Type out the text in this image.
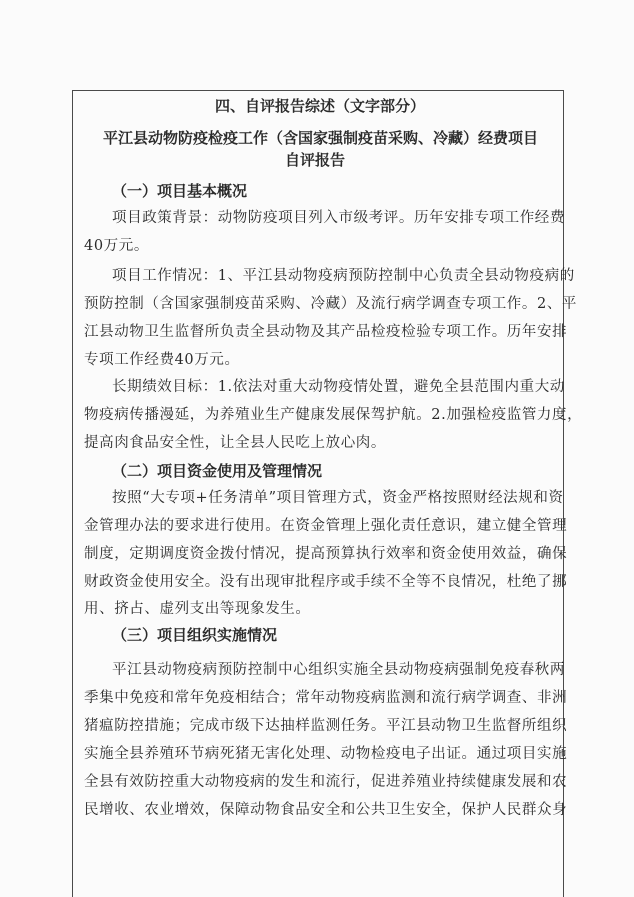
四、自评报告综述（文字部分）
平江县动物防疫检疫工作（含国家强制疫苗采购、冷藏）经费项目
自评报告
（一）项目基本概况
项目政策背景：动物防疫项目列入市级考评。历年安排专项工作经费
40万元。
项目工作情况：1、平江县动物疫病预防控制中心负责全县动物疫病的
预防控制（含国家强制疫苗采购、冷藏）及流行病学调查专项工作。2、平
江县动物卫生监督所负责全县动物及其产品检疫检验专项工作。历年安排
专项工作经费40万元。
长期绩效目标：1.依法对重大动物疫情处置，避免全县范围内重大动
物疫病传播漫延，为养殖业生产健康发展保驾护航。2.加强检疫监管力度，
提高肉食品安全性，让全县人民吃上放心肉。
（二）项目资金使用及管理情况
按照“大专项+任务清单”项目管理方式，资金严格按照财经法规和资
金管理办法的要求进行使用。在资金管理上强化责任意识，建立健全管理
制度，定期调度资金拨付情况，提高预算执行效率和资金使用效益，确保
财政资金使用安全。没有出现审批程序或手续不全等不良情况，杜绝了挪
用、挤占、虚列支出等现象发生。
（三）项目组织实施情况
平江县动物疫病预防控制中心组织实施全县动物疫病强制免疫春秋两
季集中免疫和常年免疫相结合；常年动物疫病监测和流行病学调查、非洲
猪瘟防控措施；完成市级下达抽样监测任务。平江县动物卫生监督所组织
实施全县养殖环节病死猪无害化处理、动物检疫电子出证。通过项目实施
全县有效防控重大动物疫病的发生和流行，促进养殖业持续健康发展和农
民增收、农业增效，保障动物食品安全和公共卫生安全，保护人民群众身
